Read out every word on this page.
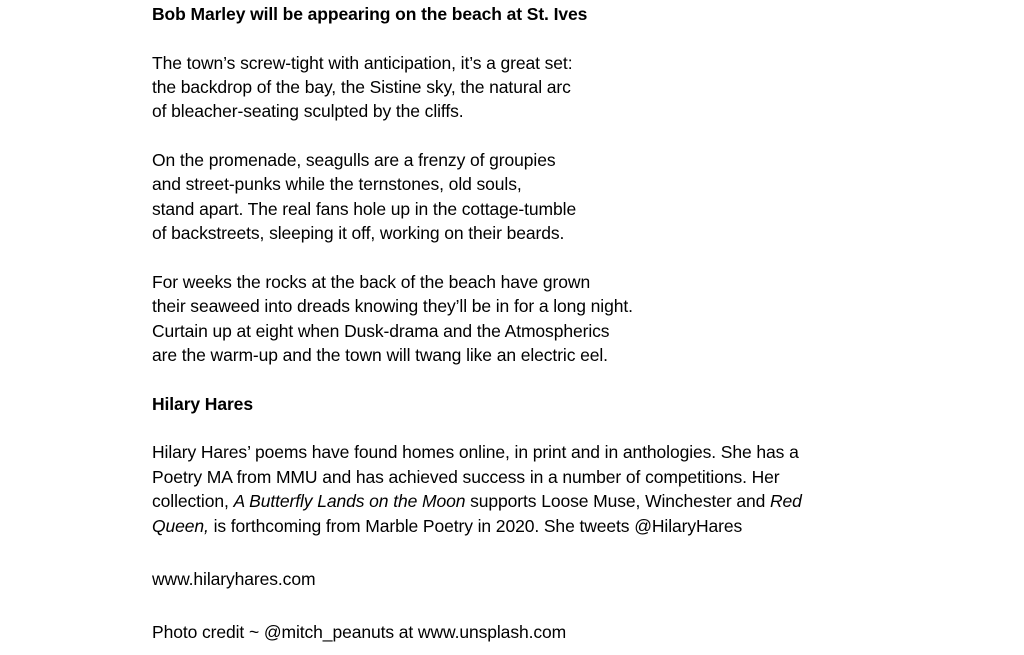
Bob Marley will be appearing on the beach at St. Ives
The town’s screw-tight with anticipation, it’s a great set:
the backdrop of the bay, the Sistine sky, the natural arc
of bleacher-seating sculpted by the cliffs.
On the promenade, seagulls are a frenzy of groupies
and street-punks while the ternstones, old souls,
stand apart. The real fans hole up in the cottage-tumble
of backstreets, sleeping it off, working on their beards.
For weeks the rocks at the back of the beach have grown
their seaweed into dreads knowing they’ll be in for a long night.
Curtain up at eight when Dusk-drama and the Atmospherics
are the warm-up and the town will twang like an electric eel.
Hilary Hares
Hilary Hares’ poems have found homes online, in print and in anthologies. She has a
Poetry MA from MMU and has achieved success in a number of competitions. Her
collection, A Butterfly Lands on the Moon supports Loose Muse, Winchester and Red
Queen, is forthcoming from Marble Poetry in 2020. She tweets @HilaryHares
www.hilaryhares.com
Photo credit ~ @mitch_peanuts at www.unsplash.com
